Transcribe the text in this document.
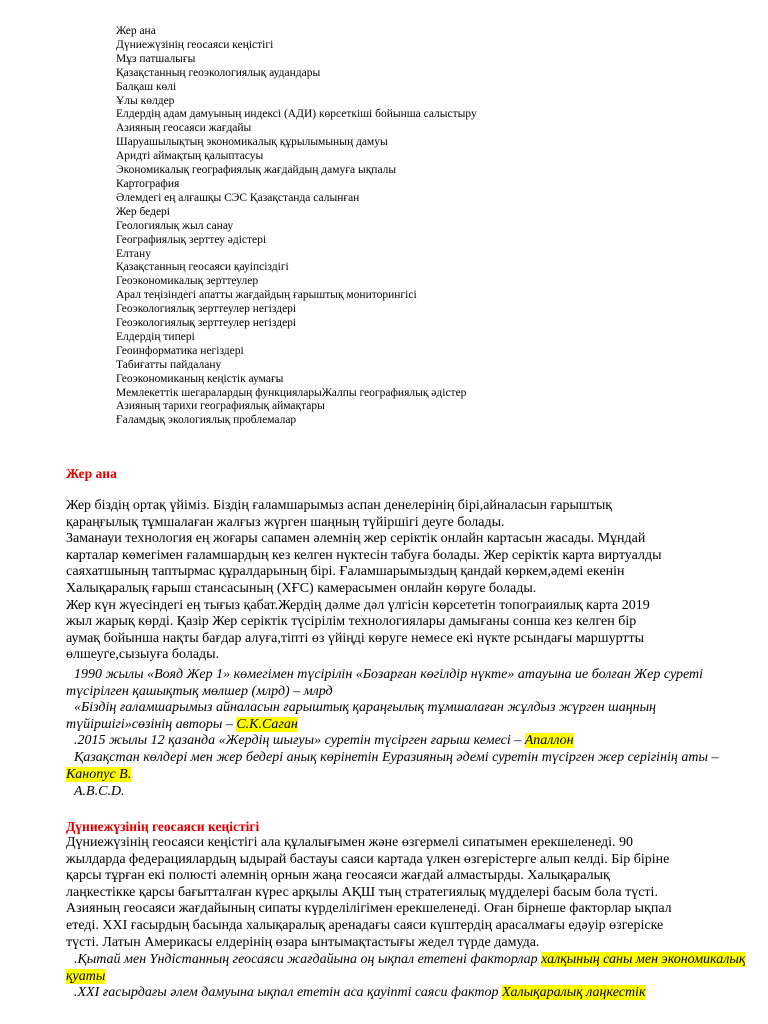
Жер ана
Дүниежүзінің геосаяси кеңістігі
Мұз патшалығы
Қазақстанның геоэкологиялық аудандары
Балқаш көлі
Ұлы көлдер
Елдердің адам дамуының индексі (АДИ) көрсеткіші бойынша салыстыру
Азияның геосаяси жағдайы
Шаруашылықтың экономикалық құрылымының дамуы
Аридті аймақтың қалыптасуы
Экономикалық географиялық жағдайдың дамуға ықпалы
Картография
Әлемдегі ең алғашқы СЭС Қазақстанда салынған
Жер бедері
Геологиялық жыл санау
Географиялық зерттеу әдістері
Елтану
Қазақстанның геосаяси қауіпсіздігі
Геоэкономикалық зерттеулер
Арал теңізіндегі апатты жағдайдың ғарыштық мониторингісі
Геоэкологиялық зерттеулер негіздері
Геоэкологиялық зерттеулер негіздері
Елдердің типері
Геоинформатика негіздері
Табиғатты пайдалану
Геоэкономиканың кеңістік аумағы
Мемлекеттік шегаралардың функцияларыЖалпы географиялық әдістер
Азияның тарихи географиялық аймақтары
Ғаламдық экологиялық проблемалар
Жер ана
Жер біздің ортақ үйіміз. Біздің ғаламшарымыз аспан денелерінің бірі,айналасын ғарыштық
қараңғылық тұмшалаған жалғыз жүрген шаңның түйіршігі деуге болады.
Заманауи технология ең жоғары сапамен әлемнің жер серіктік онлайн картасын жасады. Мұндай
карталар көмегімен ғаламшардың кез келген нүктесін табуға болады. Жер серіктік карта виртуалды
саяхатшының таптырмас құралдарының бірі. Ғаламшарымыздың қандай көркем,әдемі екенін
Халықаралық ғарыш стансасының (ХҒС) камерасымен онлайн көруге болады.
Жер күн жүесіндегі ең тығыз қабат.Жердің дәлме дәл үлгісін көрсететін топограиялық карта 2019
жыл жарық көрді. Қазір Жер серіктік түсірілім технологиялары дамығаны сонша кез келген бір
аумақ бойынша нақты бағдар алуға,тіпті өз үйіңді көруге немесе екі нүкте рсындағы маршуртты
өлшеуге,сызыуға болады.
1990 жылы «Вояд Жер 1» көмегімен түсірілін «Бозарған көгілдір нүкте» атауына ие болған Жер суреті түсірілген қашықтық мөлшер (млрд) – млрд
«Біздің ғаламшарымыз айналасын ғарыштық қараңғылық тұмшалаған жұлдыз жүрген шаңның түйіршігі»сөзінің авторы – С.К.Саган
.2015 жылы 12 қазанда «Жердің шығуы» суретін түсірген ғарыш кемесі – Апаллон
Қазақстан көлдері мен жер бедері анық көрінетін Еуразияның әдемі суретін түсірген жер серігінің аты – Канопус В.
A.B.C.D.
Дүниежүзінің геосаяси кеңістігі
Дүниежүзінің геосаяси кеңістігі ала құлалығымен және өзгермелі сипатымен ерекшеленеді. 90
жылдарда федерациялардың ыдырай бастауы саяси картада үлкен өзгерістерге алып келді. Бір біріне
қарсы тұрған екі полюсті әлемнің орнын жаңа геосаяси жағдай алмастырды. Халықаралық
лаңкестікке қарсы бағытталған күрес арқылы АҚШ тың стратегиялық мүдделері басым бола түсті.
Азияның геосаяси жағдайының сипаты күрделілігімен ерекшеленеді. Оған бірнеше факторлар ықпал
етеді. XXI ғасырдың басында халықаралық аренадағы саяси күштердің арасалмағы едәуір өзгеріске
түсті. Латын Америкасы елдерінің өзара ынтымақтастығы жедел түрде дамуда.
.Қытай мен Үндістанның геосаяси жағдайына оң ықпал ететені факторлар халқының саны мен экономикалық қуаты
.XXI ғасырдағы әлем дамуына ықпал ететін аса қауіпті саяси фактор Халықаралық лаңкестік
